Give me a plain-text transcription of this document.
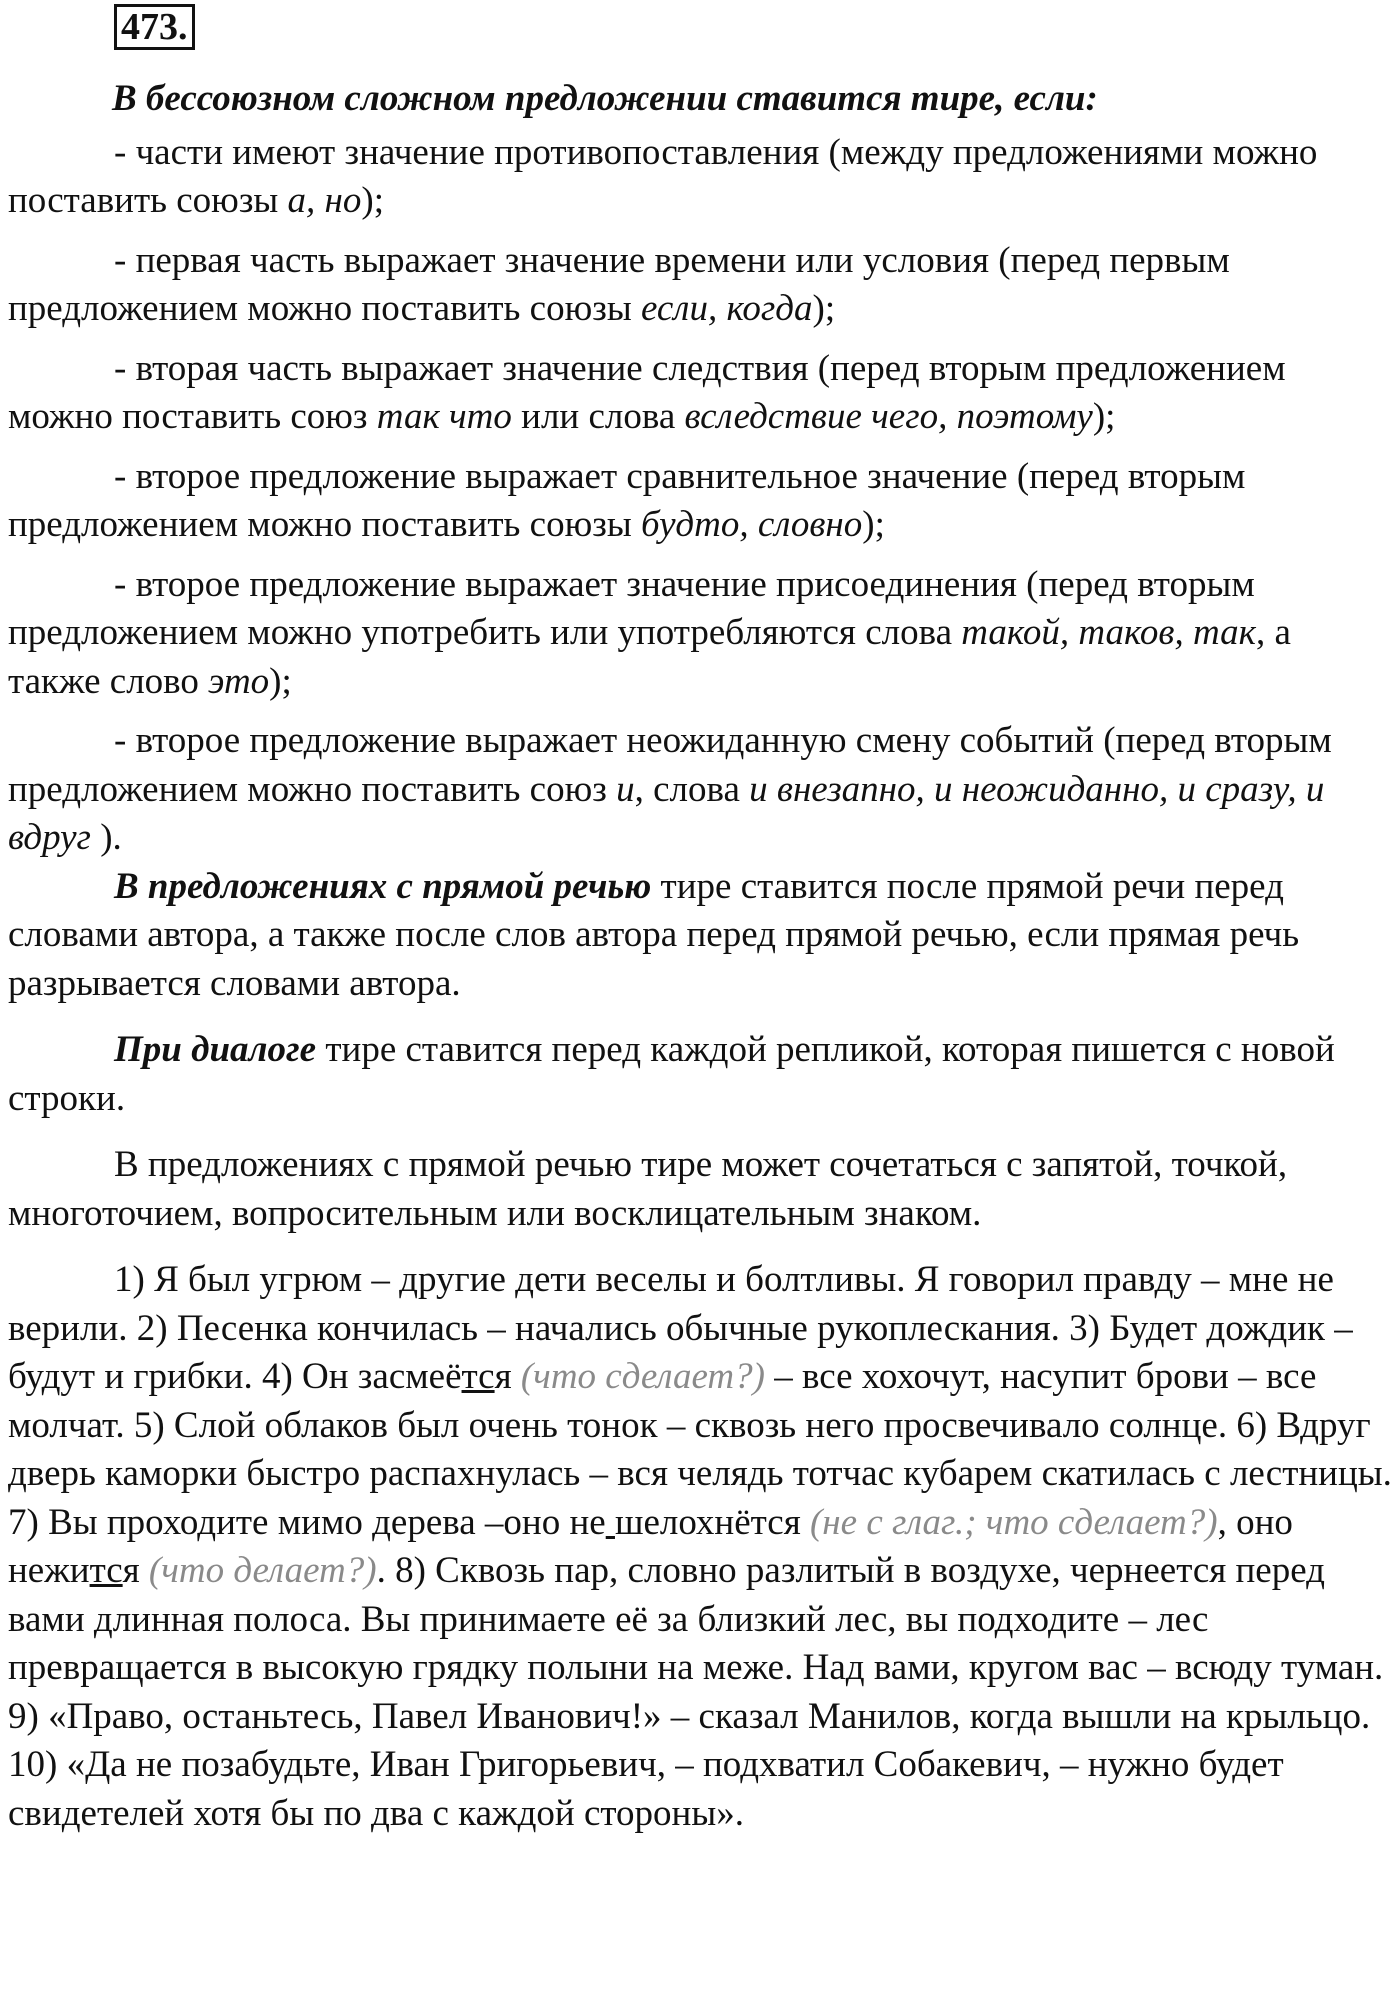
473.
В бессоюзном сложном предложении ставится тире, если:

- части имеют значение противопоставления (между предложениями можно поставить союзы а, но);

- первая часть выражает значение времени или условия (перед первым предложением можно поставить союзы если, когда);

- вторая часть выражает значение следствия (перед вторым предложением можно поставить союз так что или слова вследствие чего, поэтому);

- второе предложение выражает сравнительное значение (перед вторым предложением можно поставить союзы будто, словно);

- второе предложение выражает значение присоединения (перед вторым предложением можно употребить или употребляются слова такой, таков, так, а также слово это);

- второе предложение выражает неожиданную смену событий (перед вторым предложением можно поставить союз и, слова и внезапно, и неожиданно, и сразу, и вдруг ).

В предложениях с прямой речью тире ставится после прямой речи перед словами автора, а также после слов автора перед прямой речью, если прямая речь разрывается словами автора.

При диалоге тире ставится перед каждой репликой, которая пишется с новой строки.

В предложениях с прямой речью тире может сочетаться с запятой, точкой, многоточием, вопросительным или восклицательным знаком.

1) Я был угрюм – другие дети веселы и болтливы. Я говорил правду – мне не верили. 2) Песенка кончилась – начались обычные рукоплескания. 3) Будет дождик – будут и грибки. 4) Он засмеётся (что сделает?) – все хохочут, насупит брови – все молчат. 5) Слой облаков был очень тонок – сквозь него просвечивало солнце. 6) Вдруг дверь каморки быстро распахнулась – вся челядь тотчас кубарем скатилась с лестницы. 7) Вы проходите мимо дерева –оно не шелохнётся (не с глаг.; что сделает?), оно нежится (что делает?). 8) Сквозь пар, словно разлитый в воздухе, чернеется перед вами длинная полоса. Вы принимаете её за близкий лес, вы подходите – лес превращается в высокую грядку полыни на меже. Над вами, кругом вас – всюду туман. 9) «Право, останьтесь, Павел Иванович!» – сказал Манилов, когда вышли на крыльцо. 10) «Да не позабудьте, Иван Григорьевич, – подхватил Собакевич, – нужно будет свидетелей хотя бы по два с каждой стороны».
